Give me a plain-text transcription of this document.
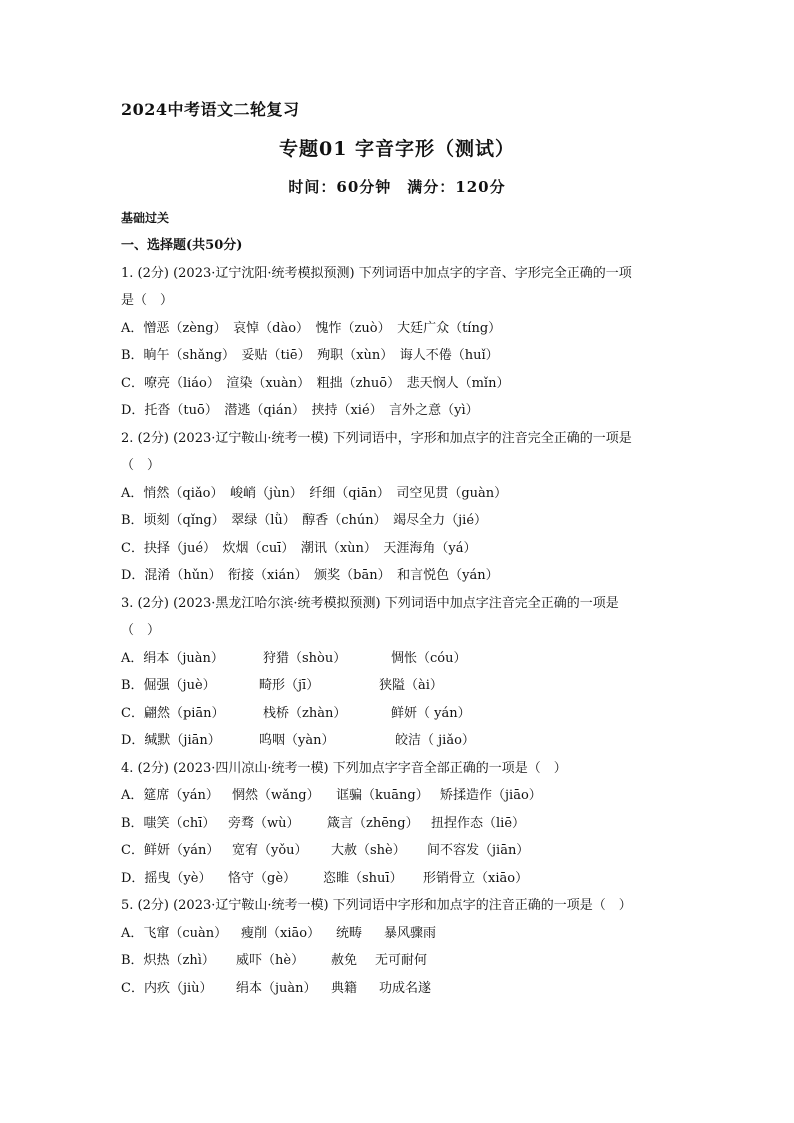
2024中考语文二轮复习
专题01 字音字形（测试）
时间：60分钟　满分：120分
基础过关
一、选择题(共50分)
1. (2分) (2023·辽宁沈阳·统考模拟预测) 下列词语中加点字的字音、字形完全正确的一项
是（　）
A．憎恶（zèng）　哀悼（dào）　愧怍（zuò）　大廷广众（tíng）
B．晌午（shǎng）　妥贴（tiē）　殉职（xùn）　诲人不倦（huǐ）
C．嘹亮（liáo）　渲染（xuàn）　粗拙（zhuō）　悲天悯人（mǐn）
D．托沓（tuō）　潜逃（qián）　挟持（xié）　言外之意（yì）
2. (2分) (2023·辽宁鞍山·统考一模) 下列词语中，字形和加点字的注音完全正确的一项是
（　）
A．悄然（qiǎo）　峻峭（jùn）　纤细（qiān）　司空见贯（guàn）
B．顷刻（qǐng）　翠绿（lǜ）　醇香（chún）　竭尽全力（jié）
C．抉择（jué）　炊烟（cuī）　潮讯（xùn）　天涯海角（yá）
D．混淆（hǔn）　衔接（xián）　颁奖（bān）　和言悦色（yán）
3. (2分) (2023·黑龙江哈尔滨·统考模拟预测) 下列词语中加点字注音完全正确的一项是
（　）
A．绢本（juàn）	狩猎（shòu）	惆怅（cóu）
B．倔强（juè）	畸形（jī）	狭隘（ài）
C．翩然（piān）	栈桥（zhàn）	鲜妍（ yán）
D．缄默（jiān）	呜咽（yàn）	皎洁（ jiǎo）
4. (2分) (2023·四川凉山·统考一模) 下列加点字字音全部正确的一项是（　）
A．筵席（yán） 惘然（wǎng） 诓骗（kuāng） 矫揉造作（jiāo）
B．嗤笑（chī） 旁骛（wù） 箴言（zhēng） 扭捏作态（liē）
C．鲜妍（yán） 宽宥（yǒu） 大赦（shè） 间不容发（jiān）
D．摇曳（yè） 恪守（gè） 恣睢（shuī） 形销骨立（xiāo）
5. (2分) (2023·辽宁鞍山·统考一模) 下列词语中字形和加点字的注音正确的一项是（　）
A．飞窜（cuàn） 瘦削（xiāo） 统畴 暴风骤雨
B．炽热（zhì） 威吓（hè） 赦免 无可耐何
C．内疚（jiù） 绢本（juàn） 典籍 功成名遂
